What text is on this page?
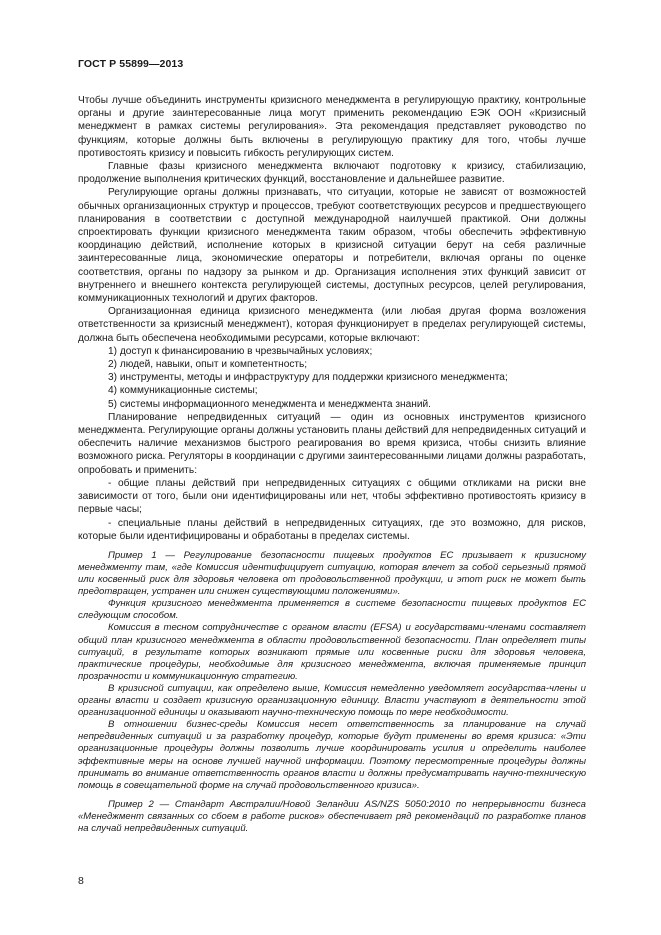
ГОСТ Р 55899—2013

Чтобы лучше объединить инструменты кризисного менеджмента в регулирующую практику, контрольные органы и другие заинтересованные лица могут применить рекомендацию ЕЭК ООН «Кризисный менеджмент в рамках системы регулирования». Эта рекомендация представляет руководство по функциям, которые должны быть включены в регулирующую практику для того, чтобы лучше противостоять кризису и повысить гибкость регулирующих систем.

Главные фазы кризисного менеджмента включают подготовку к кризису, стабилизацию, продолжение выполнения критических функций, восстановление и дальнейшее развитие.

Регулирующие органы должны признавать, что ситуации, которые не зависят от возможностей обычных организационных структур и процессов, требуют соответствующих ресурсов и предшествующего планирования в соответствии с доступной международной наилучшей практикой. Они должны спроектировать функции кризисного менеджмента таким образом, чтобы обеспечить эффективную координацию действий, исполнение которых в кризисной ситуации берут на себя различные заинтересованные лица, экономические операторы и потребители, включая органы по оценке соответствия, органы по надзору за рынком и др. Организация исполнения этих функций зависит от внутреннего и внешнего контекста регулирующей системы, доступных ресурсов, целей регулирования, коммуникационных технологий и других факторов.

Организационная единица кризисного менеджмента (или любая другая форма возложения ответственности за кризисный менеджмент), которая функционирует в пределах регулирующей системы, должна быть обеспечена необходимыми ресурсами, которые включают:

1) доступ к финансированию в чрезвычайных условиях;

2) людей, навыки, опыт и компетентность;

3) инструменты, методы и инфраструктуру для поддержки кризисного менеджмента;

4) коммуникационные системы;

5) системы информационного менеджмента и менеджмента знаний.

Планирование непредвиденных ситуаций — один из основных инструментов кризисного менеджмента. Регулирующие органы должны установить планы действий для непредвиденных ситуаций и обеспечить наличие механизмов быстрого реагирования во время кризиса, чтобы снизить влияние возможного риска. Регуляторы в координации с другими заинтересованными лицами должны разработать, опробовать и применить:

- общие планы действий при непредвиденных ситуациях с общими откликами на риски вне зависимости от того, были они идентифицированы или нет, чтобы эффективно противостоять кризису в первые часы;

- специальные планы действий в непредвиденных ситуациях, где это возможно, для рисков, которые были идентифицированы и обработаны в пределах системы.

Пример 1 — Регулирование безопасности пищевых продуктов ЕС призывает к кризисному менеджменту там, «где Комиссия идентифицирует ситуацию, которая влечет за собой серьезный прямой или косвенный риск для здоровья человека от продовольственной продукции, и этот риск не может быть предотвращен, устранен или снижен существующими положениями».

Функция кризисного менеджмента применяется в системе безопасности пищевых продуктов ЕС следующим способом.

Комиссия в тесном сотрудничестве с органом власти (EFSA) и государствами-членами составляет общий план кризисного менеджмента в области продовольственной безопасности. План определяет типы ситуаций, в результате которых возникают прямые или косвенные риски для здоровья человека, практические процедуры, необходимые для кризисного менеджмента, включая применяемые принцип прозрачности и коммуникационную стратегию.

В кризисной ситуации, как определено выше, Комиссия немедленно уведомляет государства-члены и органы власти и создает кризисную организационную единицу. Власти участвуют в деятельности этой организационной единицы и оказывают научно-техническую помощь по мере необходимости.

В отношении бизнес-среды Комиссия несет ответственность за планирование на случай непредвиденных ситуаций и за разработку процедур, которые будут применены во время кризиса: «Эти организационные процедуры должны позволить лучше координировать усилия и определить наиболее эффективные меры на основе лучшей научной информации. Поэтому пересмотренные процедуры должны принимать во внимание ответственность органов власти и должны предусматривать научно-техническую помощь в совещательной форме на случай продовольственного кризиса».

Пример 2 — Стандарт Австралии/Новой Зеландии AS/NZS 5050:2010 по непрерывности бизнеса «Менеджмент связанных со сбоем в работе рисков» обеспечивает ряд рекомендаций по разработке планов на случай непредвиденных ситуаций.

8
